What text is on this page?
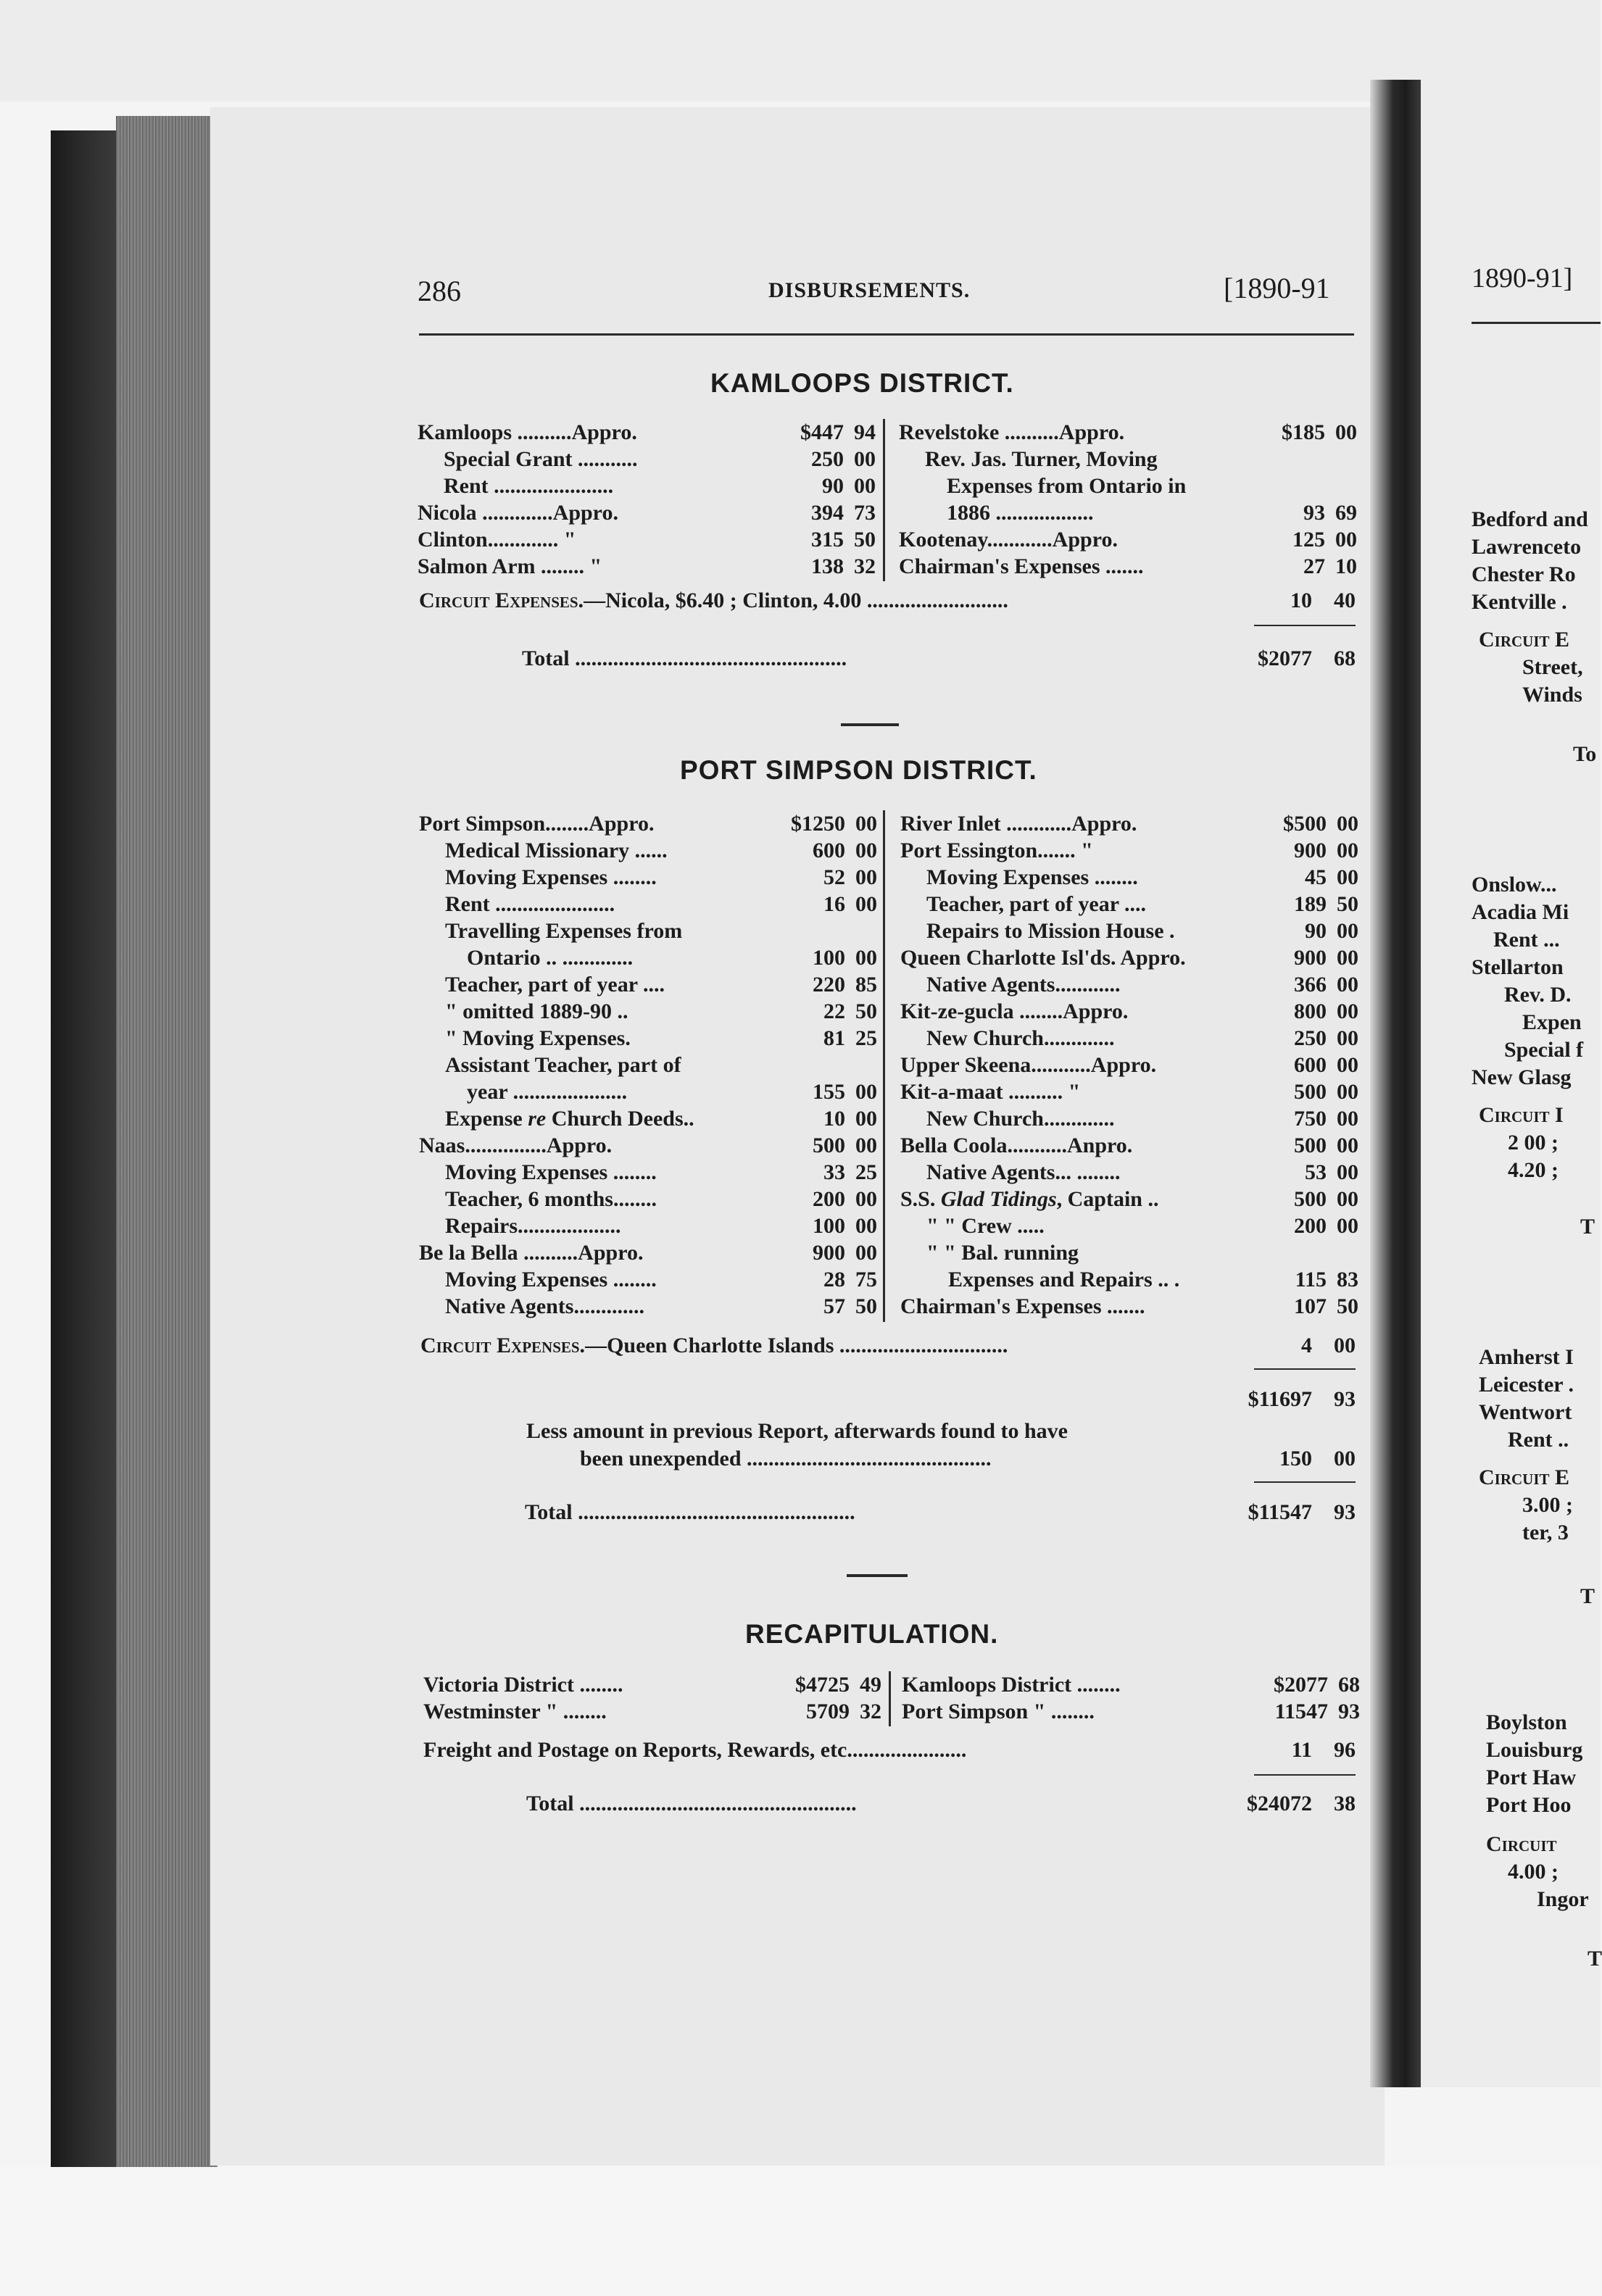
286	DISBURSEMENTS.	[1890-91
KAMLOOPS DISTRICT.
Kamloops ..........Appro.	$447 94
Special Grant ...........	250 00
Rent ......................	90 00
Nicola .............Appro.	394 73
Clinton............. "	315 50
Salmon Arm ........ "	138 32
Revelstoke ..........Appro.	$185 00
Rev. Jas. Turner, Moving
Expenses from Ontario in
1886 ..................	93 69
Kootenay............Appro.	125 00
Chairman's Expenses .......	27 10
Circuit Expenses.—Nicola, $6.40 ; Clinton, 4.00 ..........................	10	40
Total ..................................................	$2077	68
PORT SIMPSON DISTRICT.
Port Simpson........Appro.	$1250 00
Medical Missionary ......	600 00
Moving Expenses ........	52 00
Rent ......................	16 00
Travelling Expenses from
Ontario .. .............	100 00
Teacher, part of year ....	220 85
" omitted 1889-90 ..	22 50
" Moving Expenses.	81 25
Assistant Teacher, part of
year .....................	155 00
Expense re Church Deeds..	10 00
Naas...............Appro.	500 00
Moving Expenses ........	33 25
Teacher, 6 months........	200 00
Repairs...................	100 00
Be la Bella ..........Appro.	900 00
Moving Expenses ........	28 75
Native Agents.............	57 50
River Inlet ............Appro.	$500 00
Port Essington....... "	900 00
Moving Expenses ........	45 00
Teacher, part of year ....	189 50
Repairs to Mission House .	90 00
Queen Charlotte Isl'ds. Appro.	900 00
Native Agents............	366 00
Kit-ze-gucla ........Appro.	800 00
New Church.............	250 00
Upper Skeena...........Appro.	600 00
Kit-a-maat .......... "	500 00
New Church.............	750 00
Bella Coola...........Anpro.	500 00
Native Agents... ........	53 00
S.S. Glad Tidings, Captain ..	500 00
" " Crew .....	200 00
" " Bal. running
Expenses and Repairs .. .	115 83
Chairman's Expenses .......	107 50
Circuit Expenses.—Queen Charlotte Islands ...............................	4	00
$11697	93
Less amount in previous Report, afterwards found to have
been unexpended .............................................	150	00
Total ...................................................	$11547	93
RECAPITULATION.
Victoria District ........	$4725 49
Westminster " ........	5709 32
Kamloops District ........	$2077 68
Port Simpson " ........	11547 93
Freight and Postage on Reports, Rewards, etc......................	11	96
Total ...................................................	$24072	38
1890-91]
Bedford and
Lawrenceto
Chester Ro
Kentville .
Circuit E
Street,
Winds
To
Onslow...
Acadia Mi
Rent ...
Stellarton
Rev. D.
Expen
Special f
New Glasg
Circuit I
2 00 ;
4.20 ;
T
Amherst I
Leicester .
Wentwort
Rent ..
Circuit E
3.00 ;
ter, 3
T
Boylston
Louisburg
Port Haw
Port Hoo
Circuit
4.00 ;
Ingor
T
